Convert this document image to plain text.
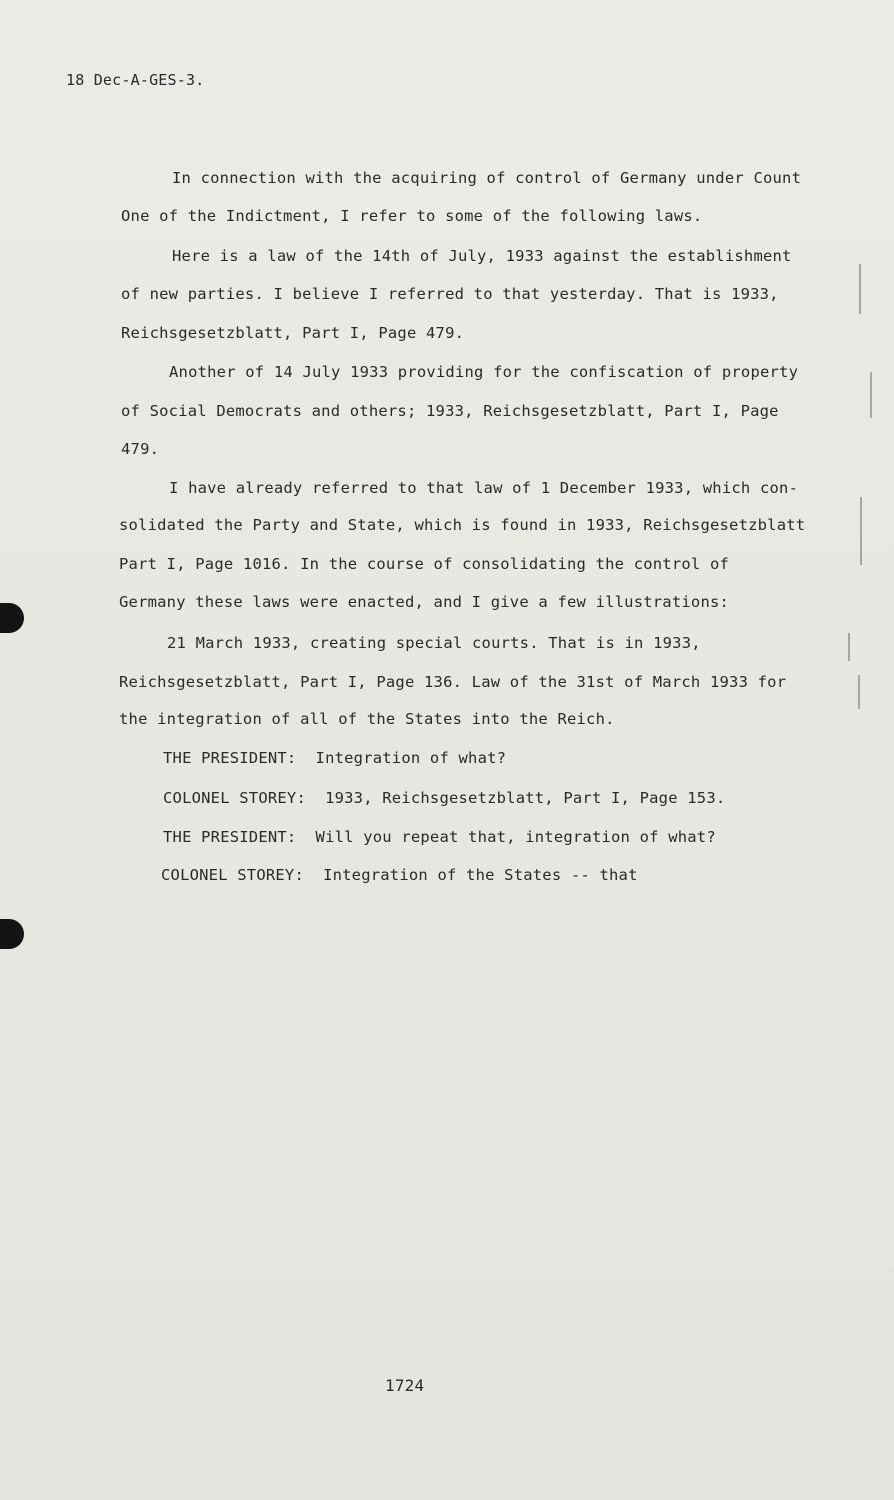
18 Dec-A-GES-3.
In connection with the acquiring of control of Germany under Count
One of the Indictment, I refer to some of the following laws.
Here is a law of the 14th of July, 1933 against the establishment
of new parties. I believe I referred to that yesterday. That is 1933,
Reichsgesetzblatt, Part I, Page 479.
Another of 14 July 1933 providing for the confiscation of property
of Social Democrats and others; 1933, Reichsgesetzblatt, Part I, Page
479.
I have already referred to that law of 1 December 1933, which con-
solidated the Party and State, which is found in 1933, Reichsgesetzblatt
Part I, Page 1016. In the course of consolidating the control of
Germany these laws were enacted, and I give a few illustrations:
21 March 1933, creating special courts. That is in 1933,
Reichsgesetzblatt, Part I, Page 136. Law of the 31st of March 1933 for
the integration of all of the States into the Reich.
THE PRESIDENT: Integration of what?
COLONEL STOREY: 1933, Reichsgesetzblatt, Part I, Page 153.
THE PRESIDENT: Will you repeat that, integration of what?
COLONEL STOREY: Integration of the States -- that
1724
